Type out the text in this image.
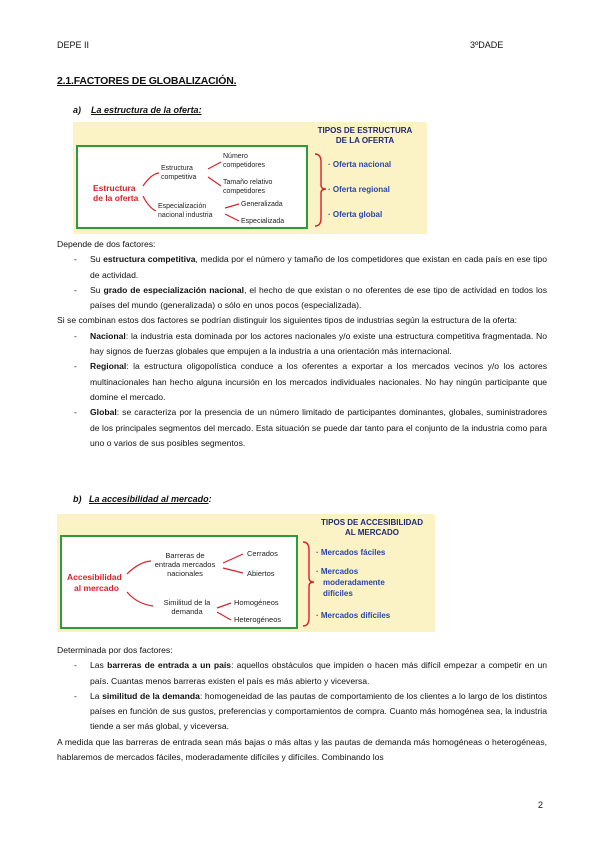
DEPE II	3ºDADE
2.1.FACTORES DE GLOBALIZACIÓN.
a) La estructura de la oferta:
Estructura
de la oferta
Estructura
competitiva
Especialización
nacional industria
Número
competidores
Tamaño relativo
competidores
Generalizada
Especializada
TIPOS DE ESTRUCTURA
DE LA OFERTA
· Oferta nacional
· Oferta regional
· Oferta global

Depende de dos factores:

- Su estructura competitiva, medida por el número y tamaño de los competidores que existan en cada país en ese tipo de actividad.
- Su grado de especialización nacional, el hecho de que existan o no oferentes de ese tipo de actividad en todos los países del mundo (generalizada) o sólo en unos pocos (especializada).

Si se combinan estos dos factores se podrían distinguir los siguientes tipos de industrias según la estructura de la oferta:

- Nacional: la industria esta dominada por los actores nacionales y/o existe una estructura competitiva fragmentada. No hay signos de fuerzas globales que empujen a la industria a una orientación más internacional.
- Regional: la estructura oligopolística conduce a los oferentes a exportar a los mercados vecinos y/o los actores multinacionales han hecho alguna incursión en los mercados individuales nacionales. No hay ningún participante que domine el mercado.
- Global: se caracteriza por la presencia de un número limitado de participantes dominantes, globales, suministradores de los principales segmentos del mercado. Esta situación se puede dar tanto para el conjunto de la industria como para uno o varios de sus posibles segmentos.
b) La accesibilidad al mercado:
Accesibilidad
al mercado
Barreras de
entrada mercados
nacionales
Similitud de la
demanda
Cerrados
Abiertos
Homogéneos
Heterogéneos
TIPOS DE ACCESIBILIDAD
AL MERCADO
· Mercados fáciles
· Mercados
moderadamente
difíciles
· Mercados difíciles

Determinada por dos factores:

- Las barreras de entrada a un país: aquellos obstáculos que impiden o hacen más difícil empezar a competir en un país. Cuantas menos barreras existen el país es más abierto y viceversa.
- La similitud de la demanda: homogeneidad de las pautas de comportamiento de los clientes a lo largo de los distintos países en función de sus gustos, preferencias y comportamientos de compra. Cuanto más homogénea sea, la industria tiende a ser más global, y viceversa.

A medida que las barreras de entrada sean más bajas o más altas y las pautas de demanda más homogéneas o heterogéneas, hablaremos de mercados fáciles, moderadamente difíciles y difíciles. Combinando los

2
